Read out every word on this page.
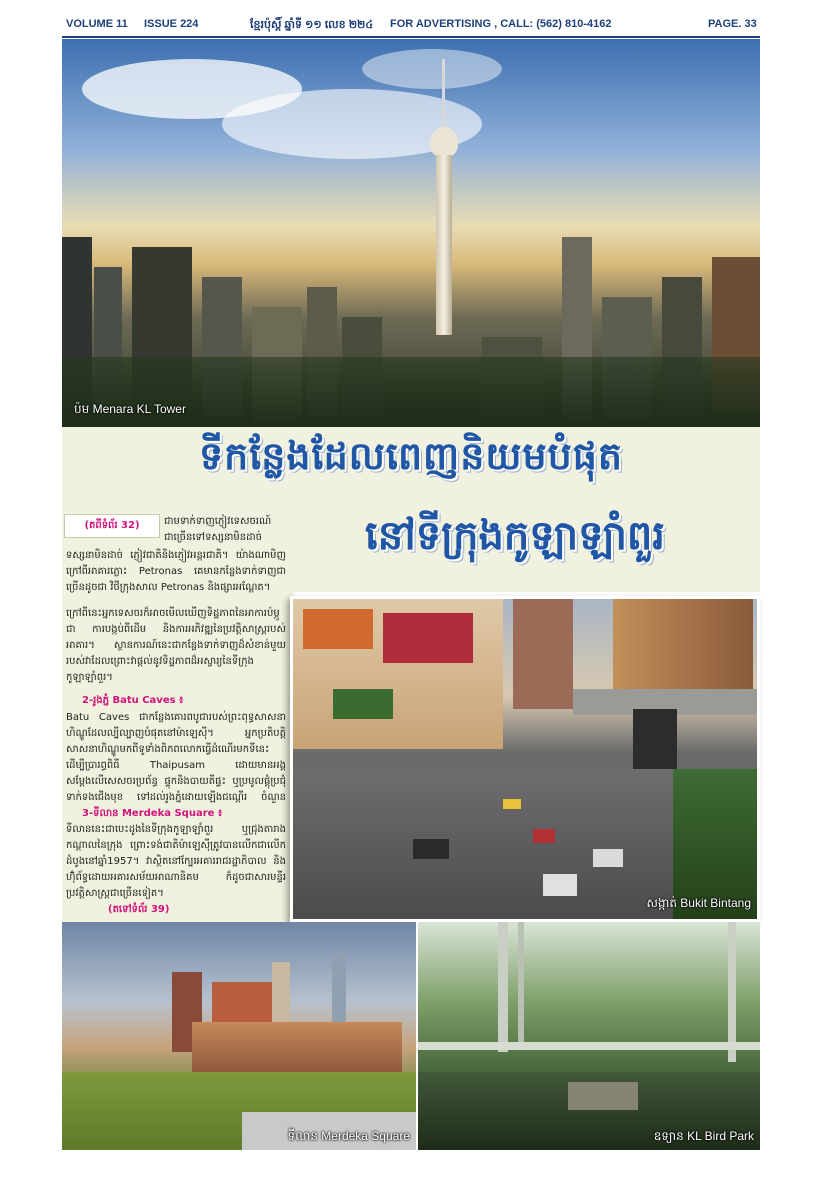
VOLUME 11 ISSUE 224	ខ្មែរប៉ុស្ដិ៍ ឆ្នាំទី ១១ លេខ ២២៤ FOR ADVERTISING , CALL: (562) 810-4162	PAGE. 33
ប៉ម Menara KL Tower
ទីកន្លែងដែលពេញនិយមបំផុត
នៅទីក្រុងកូឡាឡាំពួរ
(តពីទំព័រ 32)	ជាមទាក់ទាញភ្ញៀវទេសចរណ៍ជាច្រើនទៅទស្សនាមិនដាច់
ទស្សនាមិនដាច់ ភ្ញៀវជាតិនិងភ្ញៀវអន្តរជាតិ។ យ៉ាងណាមិញក្រៅពីអាគារភ្លោះ Petronas គេមានកន្លែងទាក់ទាញជាច្រើនដូចជា វិថីក្រុងសាល Petronas និងផ្សារអណ្ដែត។
ក្រៅពីនេះអ្នកទេសចរក៏អាចមើលឃើញទិដ្ឋភាពនៃអាការប៉ម្ភូជា ការបង្កប់ពីដើម និងការអភិវឌ្ឍនៃប្រវត្តិសាស្ត្ររបស់អាគារ។ ស្ថានការណ៍នេះជាកន្លែងទាក់ទាញដ៏សំខាន់មួយរបស់វាដែលព្រោះវាផ្ដល់នូវទិដ្ឋភាពដ៏អស្ចារ្យនៃទីក្រុងកូឡាឡាំពួរ។
2-រូងភ្នំ Batu Caves ៖
Batu Caves ជាកន្លែងគោរពបូជារបស់ព្រះពុទ្ធសាសនាហិណ្ឌូដែលល្បីល្បាញបំផុតនៅម៉ាឡេស៊ី។ អ្នកប្រតិបត្តិសាសនាហិណ្ឌូមកពីទូទាំងពិភពលោកធ្វើដំណើរមកទីនេះដើម្បីប្រារព្ធពិធី Thaipusam ដោយមានអង្គសម្ដែងលើសេសចរប្រព័ន្ធ ផ្ទុកនិងបាយតីផ្ទះ ឬប្រមូលផ្ដុំប្រជុំទាក់ទងជើងមុខ ទៅដល់រូងភ្នំដោយឡើងជណ្ដើរ ចំណួន
3-ទីលាន Merdeka Square ៖
ទីលាននេះជាបេះដូងនៃទីក្រុងកូឡាឡាំពួរ ឬជ្រុងតារាងកណ្ដាលនៃក្រុង ព្រោះទង់ជាតិម៉ាឡេស៊ីត្រូវបានលើកជាលើកដំបូងនៅឆ្នាំ1957។ វាស្ថិតនៅក្បែរអគាររាជរដ្ឋាភិបាល និងហ៊ុំព័ទ្ធដោយអគារសម័យអាណានិគម ក៏ដូចជាសារមន្ទីរប្រវត្តិសាស្ត្រជាច្រើនទៀត។
(តទៅទំព័រ 39)	សង្កាត់ Bukit Bintang
ទីលាន Merdeka Square	ឧទ្យាន KL Bird Park
